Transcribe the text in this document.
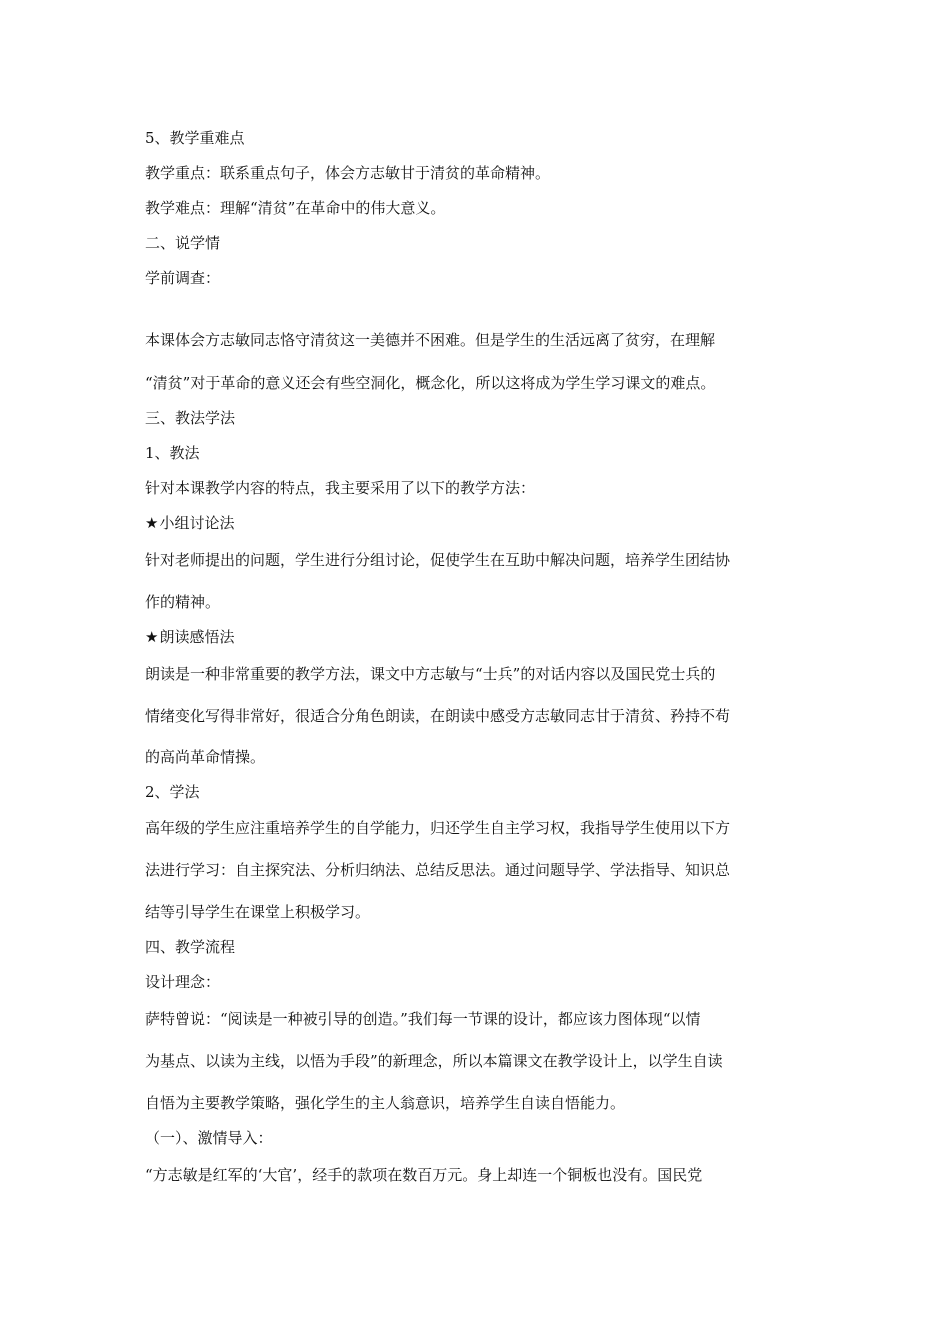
5、教学重难点
教学重点：联系重点句子，体会方志敏甘于清贫的革命精神。
教学难点：理解“清贫”在革命中的伟大意义。
二、说学情
学前调查：
本课体会方志敏同志恪守清贫这一美德并不困难。但是学生的生活远离了贫穷，在理解
“清贫”对于革命的意义还会有些空洞化，概念化，所以这将成为学生学习课文的难点。
三、教法学法
1、教法
针对本课教学内容的特点，我主要采用了以下的教学方法：
★小组讨论法
针对老师提出的问题，学生进行分组讨论，促使学生在互助中解决问题，培养学生团结协
作的精神。
★朗读感悟法
朗读是一种非常重要的教学方法，课文中方志敏与“士兵”的对话内容以及国民党士兵的
情绪变化写得非常好，很适合分角色朗读，在朗读中感受方志敏同志甘于清贫、矜持不苟
的高尚革命情操。
2、学法
高年级的学生应注重培养学生的自学能力，归还学生自主学习权，我指导学生使用以下方
法进行学习：自主探究法、分析归纳法、总结反思法。通过问题导学、学法指导、知识总
结等引导学生在课堂上积极学习。
四、教学流程
设计理念：
萨特曾说：“阅读是一种被引导的创造。”我们每一节课的设计，都应该力图体现“以情
为基点、以读为主线，以悟为手段”的新理念，所以本篇课文在教学设计上，以学生自读
自悟为主要教学策略，强化学生的主人翁意识，培养学生自读自悟能力。
（一）、激情导入：
“方志敏是红军的‘大官’，经手的款项在数百万元。身上却连一个铜板也没有。国民党
